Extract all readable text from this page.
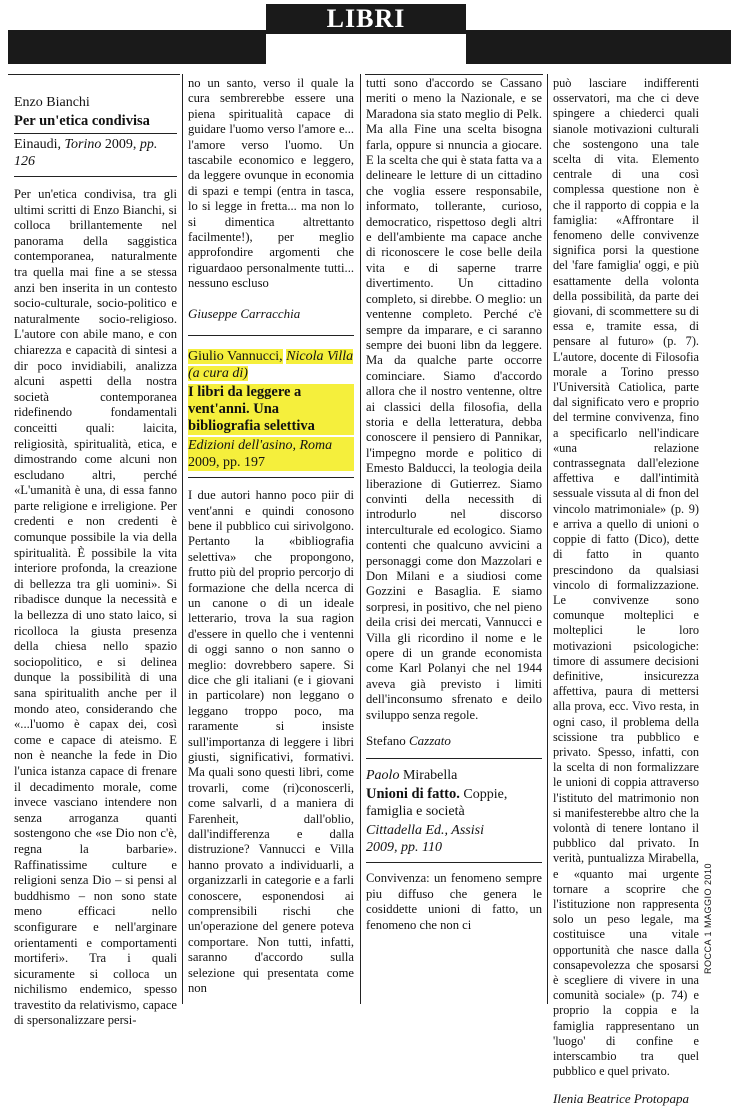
LIBRI
Enzo Bianchi
Per un'etica condivisa
Einaudi, Torino 2009, pp. 126

Per un'etica condivisa, tra gli ultimi scritti di Enzo Bianchi, si colloca brillantemente nel panorama della saggistica contemporanea, naturalmente tra quella mai fine a se stessa anzi ben inserita in un contesto socio-culturale, socio-politico e naturalmente socio-religioso. L'autore con abile mano, e con chiarezza e capacità di sintesi a dir poco invidiabili, analizza alcuni aspetti della nostra società contemporanea ridefinendo fondamentali conceitti quali: laicita, religiosità, spiritualità, etica, e dimostrando come alcuni non escludano altri, perché «L'umanità è una, di essa fanno parte religione e irreligione. Per credenti e non credenti è comunque possibile la via della spiritualità. È possibile la vita interiore profonda, la creazione di bellezza tra gli uomini». Si ribadisce dunque la necessità e la bellezza di uno stato laico, si ricolloca la giusta presenza della chiesa nello spazio sociopolitico, e si delinea dunque la possibilità di una sana spiritualith anche per il mondo ateo, considerando che «...l'uomo è capax dei, così come e capace di ateismo. E non è neanche la fede in Dio l'unica istanza capace di frenare il decadimento morale, come invece vasciano intendere non senza arroganza quanti sostengono che «se Dio non c'è, regna la barbarie». Raffinatissime culture e religioni senza Dio – si pensi al buddhismo – non sono state meno efficaci nello sconfigurare e nell'arginare orientamenti e comportamenti mortiferi». Tra i quali sicuramente si colloca un nichilismo endemico, spesso travestito da relativismo, capace di spersonalizzare persi-

no un santo, verso il quale la cura sembrerebbe essere una piena spiritualità capace di guidare l'uomo verso l'amore e... l'amore verso l'uomo. Un tascabile economico e leggero, da leggere ovunque in economia di spazi e tempi (entra in tasca, lo si legge in fretta... ma non lo si dimentica altrettanto facilmente!), per meglio approfondire argomenti che riguardaoo personalmente tutti... nessuno escluso

Giuseppe Carracchia

Giulio Vannucci, Nicola Villa (a cura di)
I libri da leggere a vent'anni. Una bibliografia selettiva
Edizioni dell'asino, Roma
2009, pp. 197

I due autori hanno poco piir di vent'anni e quindi conosono bene il pubblico cui sirivolgono. Pertanto la «bibliografia selettiva» che propongono, frutto più del proprio percorjo di formazione che della ncerca di un canone o di un ideale letterario, trova la sua ragion d'essere in quello che i ventenni di oggi sanno o non sanno o meglio: dovrebbero sapere. Si dice che gli italiani (e i giovani in particolare) non leggano o leggano troppo poco, ma raramente si insiste sull'importanza di leggere i libri giusti, significativi, formativi. Ma quali sono questi libri, come trovarli, come (ri)conoscerli, come salvarli, d a maniera di Farenheit, dall'oblio, dall'indifferenza e dalla distruzione? Vannucci e Villa hanno provato a individuarli, a organizzarli in categorie e a farli conoscere, esponendosi ai comprensibili rischi che un'operazione del genere poteva comportare. Non tutti, infatti, saranno d'accordo sulla selezione qui presentata come non

tutti sono d'accordo se Cassano meriti o meno la Nazionale, e se Maradona sia stato meglio di Pelk. Ma alla Fine una scelta bisogna farla, oppure si nnuncia a giocare. E la scelta che qui è stata fatta va a delineare le letture di un cittadino che voglia essere responsabile, informato, tollerante, curioso, democratico, rispettoso degli altri e dell'ambiente ma capace anche di riconoscere le cose belle deila vita e di saperne trarre divertimento. Un cittadino completo, si direbbe. O meglio: un ventenne completo. Perché c'è sempre da imparare, e ci saranno sempre dei buoni libn da leggere. Ma da qualche parte occorre cominciare. Siamo d'accordo allora che il nostro ventenne, oltre ai classici della filosofia, della storia e della letteratura, debba conoscere il pensiero di Pannikar, l'impegno morde e politico di Emesto Balducci, la teologia deila liberazione di Gutierrez. Siamo convinti della necessith di introdurlo nel discorso interculturale ed ecologico. Siamo contenti che qualcuno avvicini a personaggi come don Mazzolari e Don Milani e a siudiosi come Gozzini e Basaglia. E siamo sorpresi, in positivo, che nel pieno deila crisi dei mercati, Vannucci e Villa gli ricordino il nome e le opere di un grande economista come Karl Polanyi che nel 1944 aveva già previsto i limiti dell'inconsumo sfrenato e deilo sviluppo senza regole.

Stefano Cazzato

Paolo Mirabella
Unioni di fatto. Coppie, famiglia e società
Cittadella Ed., Assisi
2009, pp. 110

Convivenza: un fenomeno sempre piu diffuso che genera le cosiddette unioni di fatto, un fenomeno che non ci

può lasciare indifferenti osservatori, ma che ci deve spingere a chiederci quali sianole motivazioni culturali che sostengono una tale scelta di vita. Elemento centrale di una così complessa questione non è che il rapporto di coppia e la famiglia: «Affrontare il fenomeno delle convivenze significa porsi la questione del 'fare famiglia' oggi, e più esattamente della volonta della possibilità, da parte dei giovani, di scommettere su di essa e, tramite essa, di pensare al futuro» (p. 7). L'autore, docente di Filosofia morale a Torino presso l'Università Catiolica, parte dal significato vero e proprio del termine convivenza, fino a specificarlo nell'indicare «una relazione contrassegnata dall'elezione affettiva e dall'intimità sessuale vissuta al di fnon del vincolo matrimoniale» (p. 9) e arriva a quello di unioni o coppie di fatto (Dico), dette di fatto in quanto prescindono da qualsiasi vincolo di formalizzazione. Le convivenze sono comunque molteplici e molteplici le loro motivazioni psicologiche: timore di assumere decisioni definitive, insicurezza affettiva, paura di mettersi alla prova, ecc. Vivo resta, in ogni caso, il problema della scissione tra pubblico e privato. Spesso, infatti, con la scelta di non formalizzare le unioni di coppia attraverso l'istituto del matrimonio non si manifesterebbe altro che la volontà di tenere lontano il pubblico dal privato. In verità, puntualizza Mirabella, e «quanto mai urgente tornare a scoprire che l'istituzione non rappresenta solo un peso legale, ma costituisce una vitale opportunità che nasce dalla consapevolezza che sposarsi è scegliere di vivere in una comunità sociale» (p. 74) e proprio la coppia e la famiglia rappresentano un 'luogo' di confine e interscambio tra quel pubblico e quel privato.

Ilenia Beatrice Protopapa

ROCCA 1 MAGGIO 2010
